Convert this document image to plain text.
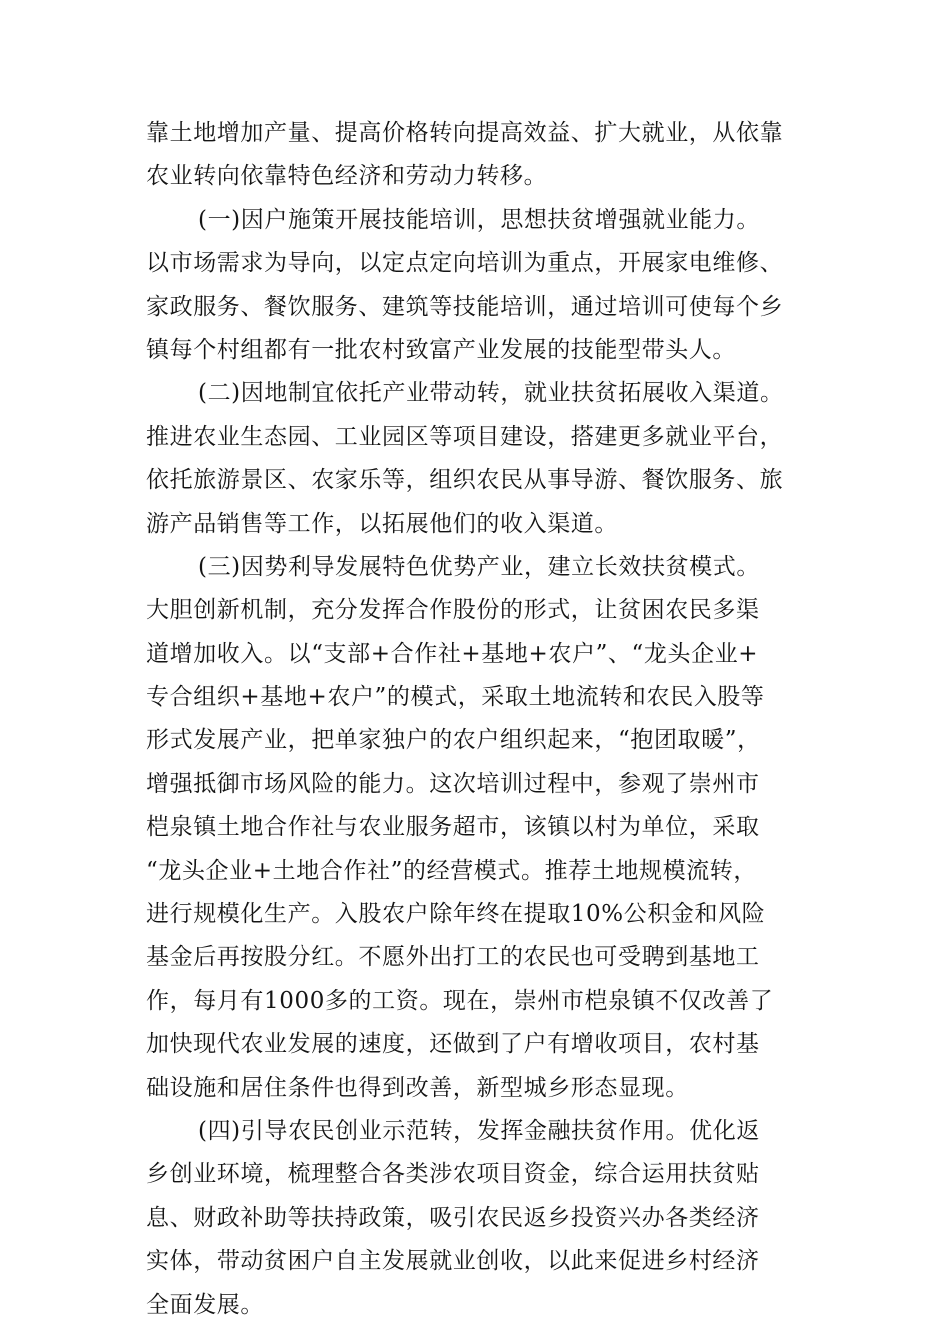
靠土地增加产量、提高价格转向提高效益、扩大就业，从依靠
农业转向依靠特色经济和劳动力转移。
(一)因户施策开展技能培训，思想扶贫增强就业能力。
以市场需求为导向，以定点定向培训为重点，开展家电维修、
家政服务、餐饮服务、建筑等技能培训，通过培训可使每个乡
镇每个村组都有一批农村致富产业发展的技能型带头人。
(二)因地制宜依托产业带动转，就业扶贫拓展收入渠道。
推进农业生态园、工业园区等项目建设，搭建更多就业平台，
依托旅游景区、农家乐等，组织农民从事导游、餐饮服务、旅
游产品销售等工作，以拓展他们的收入渠道。
(三)因势利导发展特色优势产业，建立长效扶贫模式。
大胆创新机制，充分发挥合作股份的形式，让贫困农民多渠
道增加收入。以“支部+合作社+基地+农户”、“龙头企业+
专合组织+基地+农户”的模式，采取土地流转和农民入股等
形式发展产业，把单家独户的农户组织起来，“抱团取暖”，
增强抵御市场风险的能力。这次培训过程中，参观了崇州市
桤泉镇土地合作社与农业服务超市，该镇以村为单位，采取
“龙头企业+土地合作社”的经营模式。推荐土地规模流转，
进行规模化生产。入股农户除年终在提取10%公积金和风险
基金后再按股分红。不愿外出打工的农民也可受聘到基地工
作，每月有1000多的工资。现在，崇州市桤泉镇不仅改善了
加快现代农业发展的速度，还做到了户有增收项目，农村基
础设施和居住条件也得到改善，新型城乡形态显现。
(四)引导农民创业示范转，发挥金融扶贫作用。优化返
乡创业环境，梳理整合各类涉农项目资金，综合运用扶贫贴
息、财政补助等扶持政策，吸引农民返乡投资兴办各类经济
实体，带动贫困户自主发展就业创收，以此来促进乡村经济
全面发展。
